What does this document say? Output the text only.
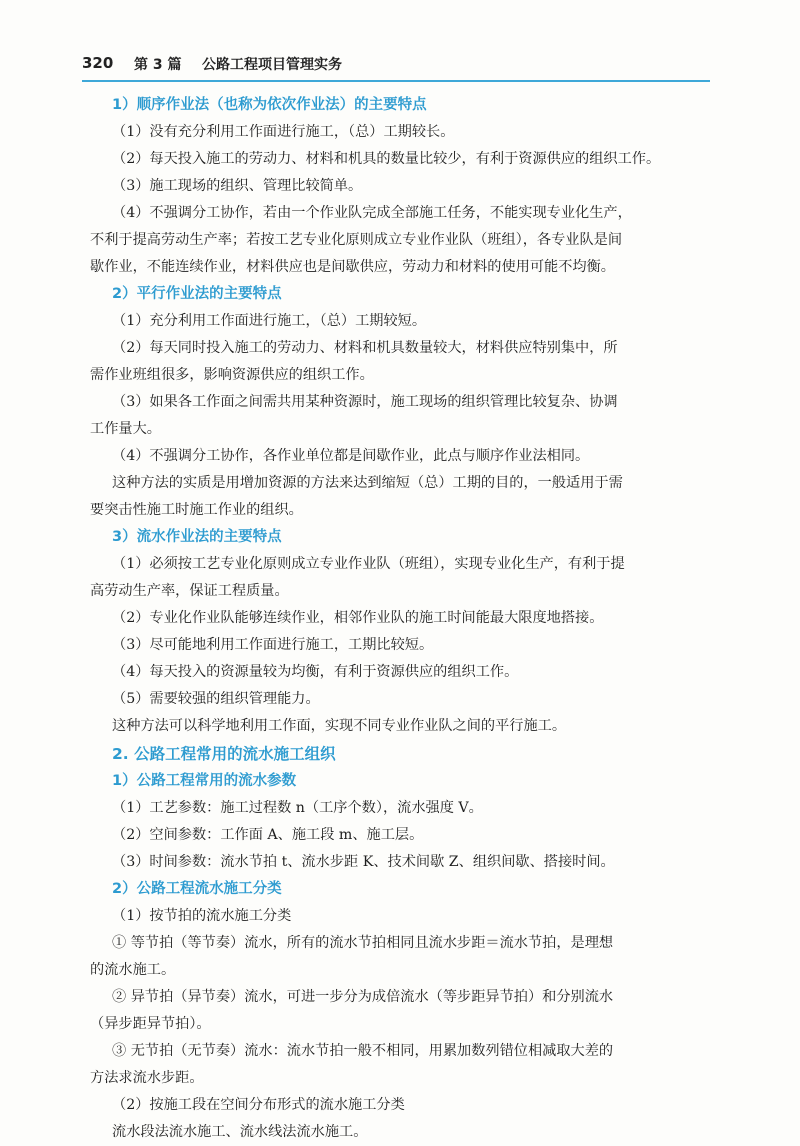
320 第 3 篇 公路工程项目管理实务
1）顺序作业法（也称为依次作业法）的主要特点
（1）没有充分利用工作面进行施工，（总）工期较长。
（2）每天投入施工的劳动力、材料和机具的数量比较少，有利于资源供应的组织工作。
（3）施工现场的组织、管理比较简单。
（4）不强调分工协作，若由一个作业队完成全部施工任务，不能实现专业化生产，
不利于提高劳动生产率；若按工艺专业化原则成立专业作业队（班组），各专业队是间
歇作业，不能连续作业，材料供应也是间歇供应，劳动力和材料的使用可能不均衡。
2）平行作业法的主要特点
（1）充分利用工作面进行施工，（总）工期较短。
（2）每天同时投入施工的劳动力、材料和机具数量较大，材料供应特别集中，所
需作业班组很多，影响资源供应的组织工作。
（3）如果各工作面之间需共用某种资源时，施工现场的组织管理比较复杂、协调
工作量大。
（4）不强调分工协作，各作业单位都是间歇作业，此点与顺序作业法相同。
这种方法的实质是用增加资源的方法来达到缩短（总）工期的目的，一般适用于需
要突击性施工时施工作业的组织。
3）流水作业法的主要特点
（1）必须按工艺专业化原则成立专业作业队（班组），实现专业化生产，有利于提
高劳动生产率，保证工程质量。
（2）专业化作业队能够连续作业，相邻作业队的施工时间能最大限度地搭接。
（3）尽可能地利用工作面进行施工，工期比较短。
（4）每天投入的资源量较为均衡，有利于资源供应的组织工作。
（5）需要较强的组织管理能力。
这种方法可以科学地利用工作面，实现不同专业作业队之间的平行施工。
2. 公路工程常用的流水施工组织
1）公路工程常用的流水参数
（1）工艺参数：施工过程数 n（工序个数），流水强度 V。
（2）空间参数：工作面 A、施工段 m、施工层。
（3）时间参数：流水节拍 t、流水步距 K、技术间歇 Z、组织间歇、搭接时间。
2）公路工程流水施工分类
（1）按节拍的流水施工分类
① 等节拍（等节奏）流水，所有的流水节拍相同且流水步距＝流水节拍，是理想
的流水施工。
② 异节拍（异节奏）流水，可进一步分为成倍流水（等步距异节拍）和分别流水
（异步距异节拍）。
③ 无节拍（无节奏）流水：流水节拍一般不相同，用累加数列错位相减取大差的
方法求流水步距。
（2）按施工段在空间分布形式的流水施工分类
流水段法流水施工、流水线法流水施工。
